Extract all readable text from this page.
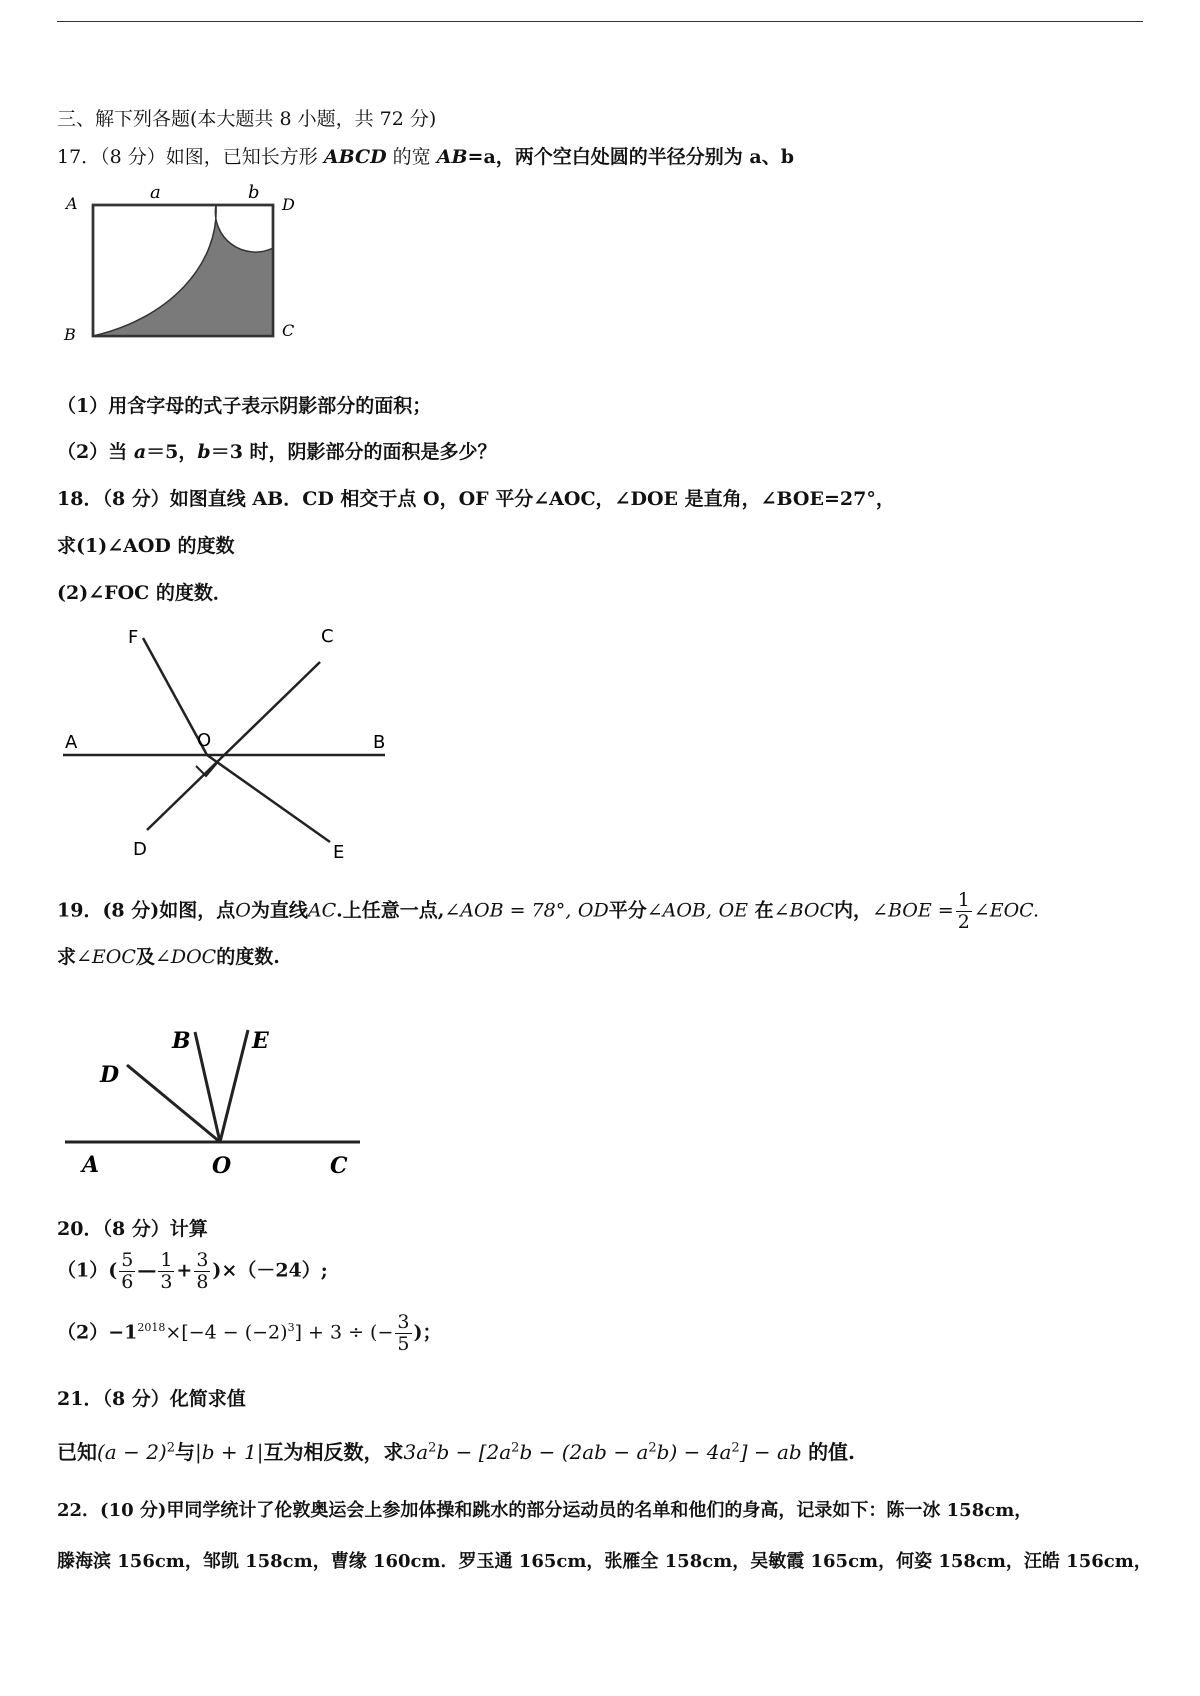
三、解下列各题(本大题共 8 小题，共 72 分)
17．（8 分）如图，已知长方形 ABCD 的宽 AB=a，两个空白处圆的半径分别为 a、b
A
B	C
D
a	b
（1）用含字母的式子表示阴影部分的面积；
（2）当 a＝5，b＝3 时，阴影部分的面积是多少？
18．（8 分）如图直线 AB．CD 相交于点 O，OF 平分∠AOC，∠DOE 是直角，∠BOE=27°，
求(1)∠AOD 的度数
(2)∠FOC 的度数．
A	B
C
D	E
F
O
19．(8 分)如图，点O为直线AC.上任意一点,∠AOB = 78°, OD平分∠AOB, OE 在∠BOC内，∠BOE = $\frac{1}{2}$ ∠EOC.
求∠EOC及∠DOC的度数.
A	O	C
D
B	E
20．（8 分）计算
$(1)( \frac{5}{6}$ — $\frac{1}{3} + \frac{3}{8} )\times(-24)$;
$(2)-1^{2018}\times[-4 - (-2)^3] + 3$ ÷ (− $\frac{3}{5}$ )；
21．（8 分）化简求值
已知$(a - 2)^2$与|b + 1|互为相反数，求$3a^2b - [2a^2b - (2ab - a^2b) - 4a^2]$ − ab 的值.
22．(10 分)甲同学统计了伦敦奥运会上参加体操和跳水的部分运动员的名单和他们的身高，记录如下：陈一冰 158cm，
滕海滨 156cm，邹凯 158cm，曹缘 160cm．罗玉通 165cm，张雁全 158cm，吴敏霞 165cm，何姿 158cm，汪皓 156cm，
